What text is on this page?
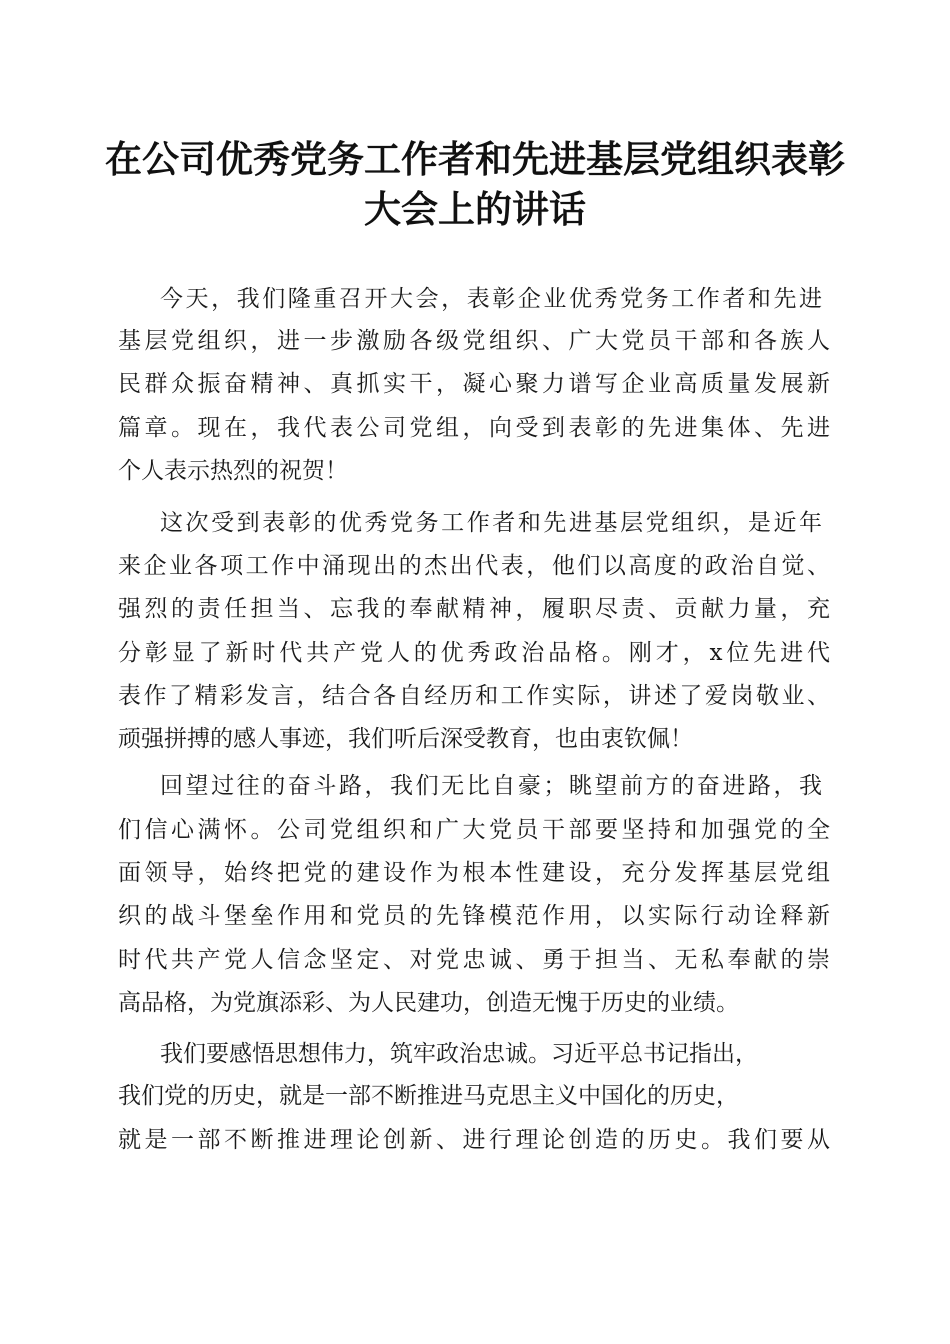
在公司优秀党务工作者和先进基层党组织表彰
大会上的讲话
今天，我们隆重召开大会，表彰企业优秀党务工作者和先进
基层党组织，进一步激励各级党组织、广大党员干部和各族人
民群众振奋精神、真抓实干，凝心聚力谱写企业高质量发展新
篇章。现在，我代表公司党组，向受到表彰的先进集体、先进
个人表示热烈的祝贺！
这次受到表彰的优秀党务工作者和先进基层党组织，是近年
来企业各项工作中涌现出的杰出代表，他们以高度的政治自觉、
强烈的责任担当、忘我的奉献精神，履职尽责、贡献力量，充
分彰显了新时代共产党人的优秀政治品格。刚才，x位先进代
表作了精彩发言，结合各自经历和工作实际，讲述了爱岗敬业、
顽强拼搏的感人事迹，我们听后深受教育，也由衷钦佩！
回望过往的奋斗路，我们无比自豪；眺望前方的奋进路，我
们信心满怀。公司党组织和广大党员干部要坚持和加强党的全
面领导，始终把党的建设作为根本性建设，充分发挥基层党组
织的战斗堡垒作用和党员的先锋模范作用，以实际行动诠释新
时代共产党人信念坚定、对党忠诚、勇于担当、无私奉献的崇
高品格，为党旗添彩、为人民建功，创造无愧于历史的业绩。
我们要感悟思想伟力，筑牢政治忠诚。习近平总书记指出，
我们党的历史，就是一部不断推进马克思主义中国化的历史，
就是一部不断推进理论创新、进行理论创造的历史。我们要从
